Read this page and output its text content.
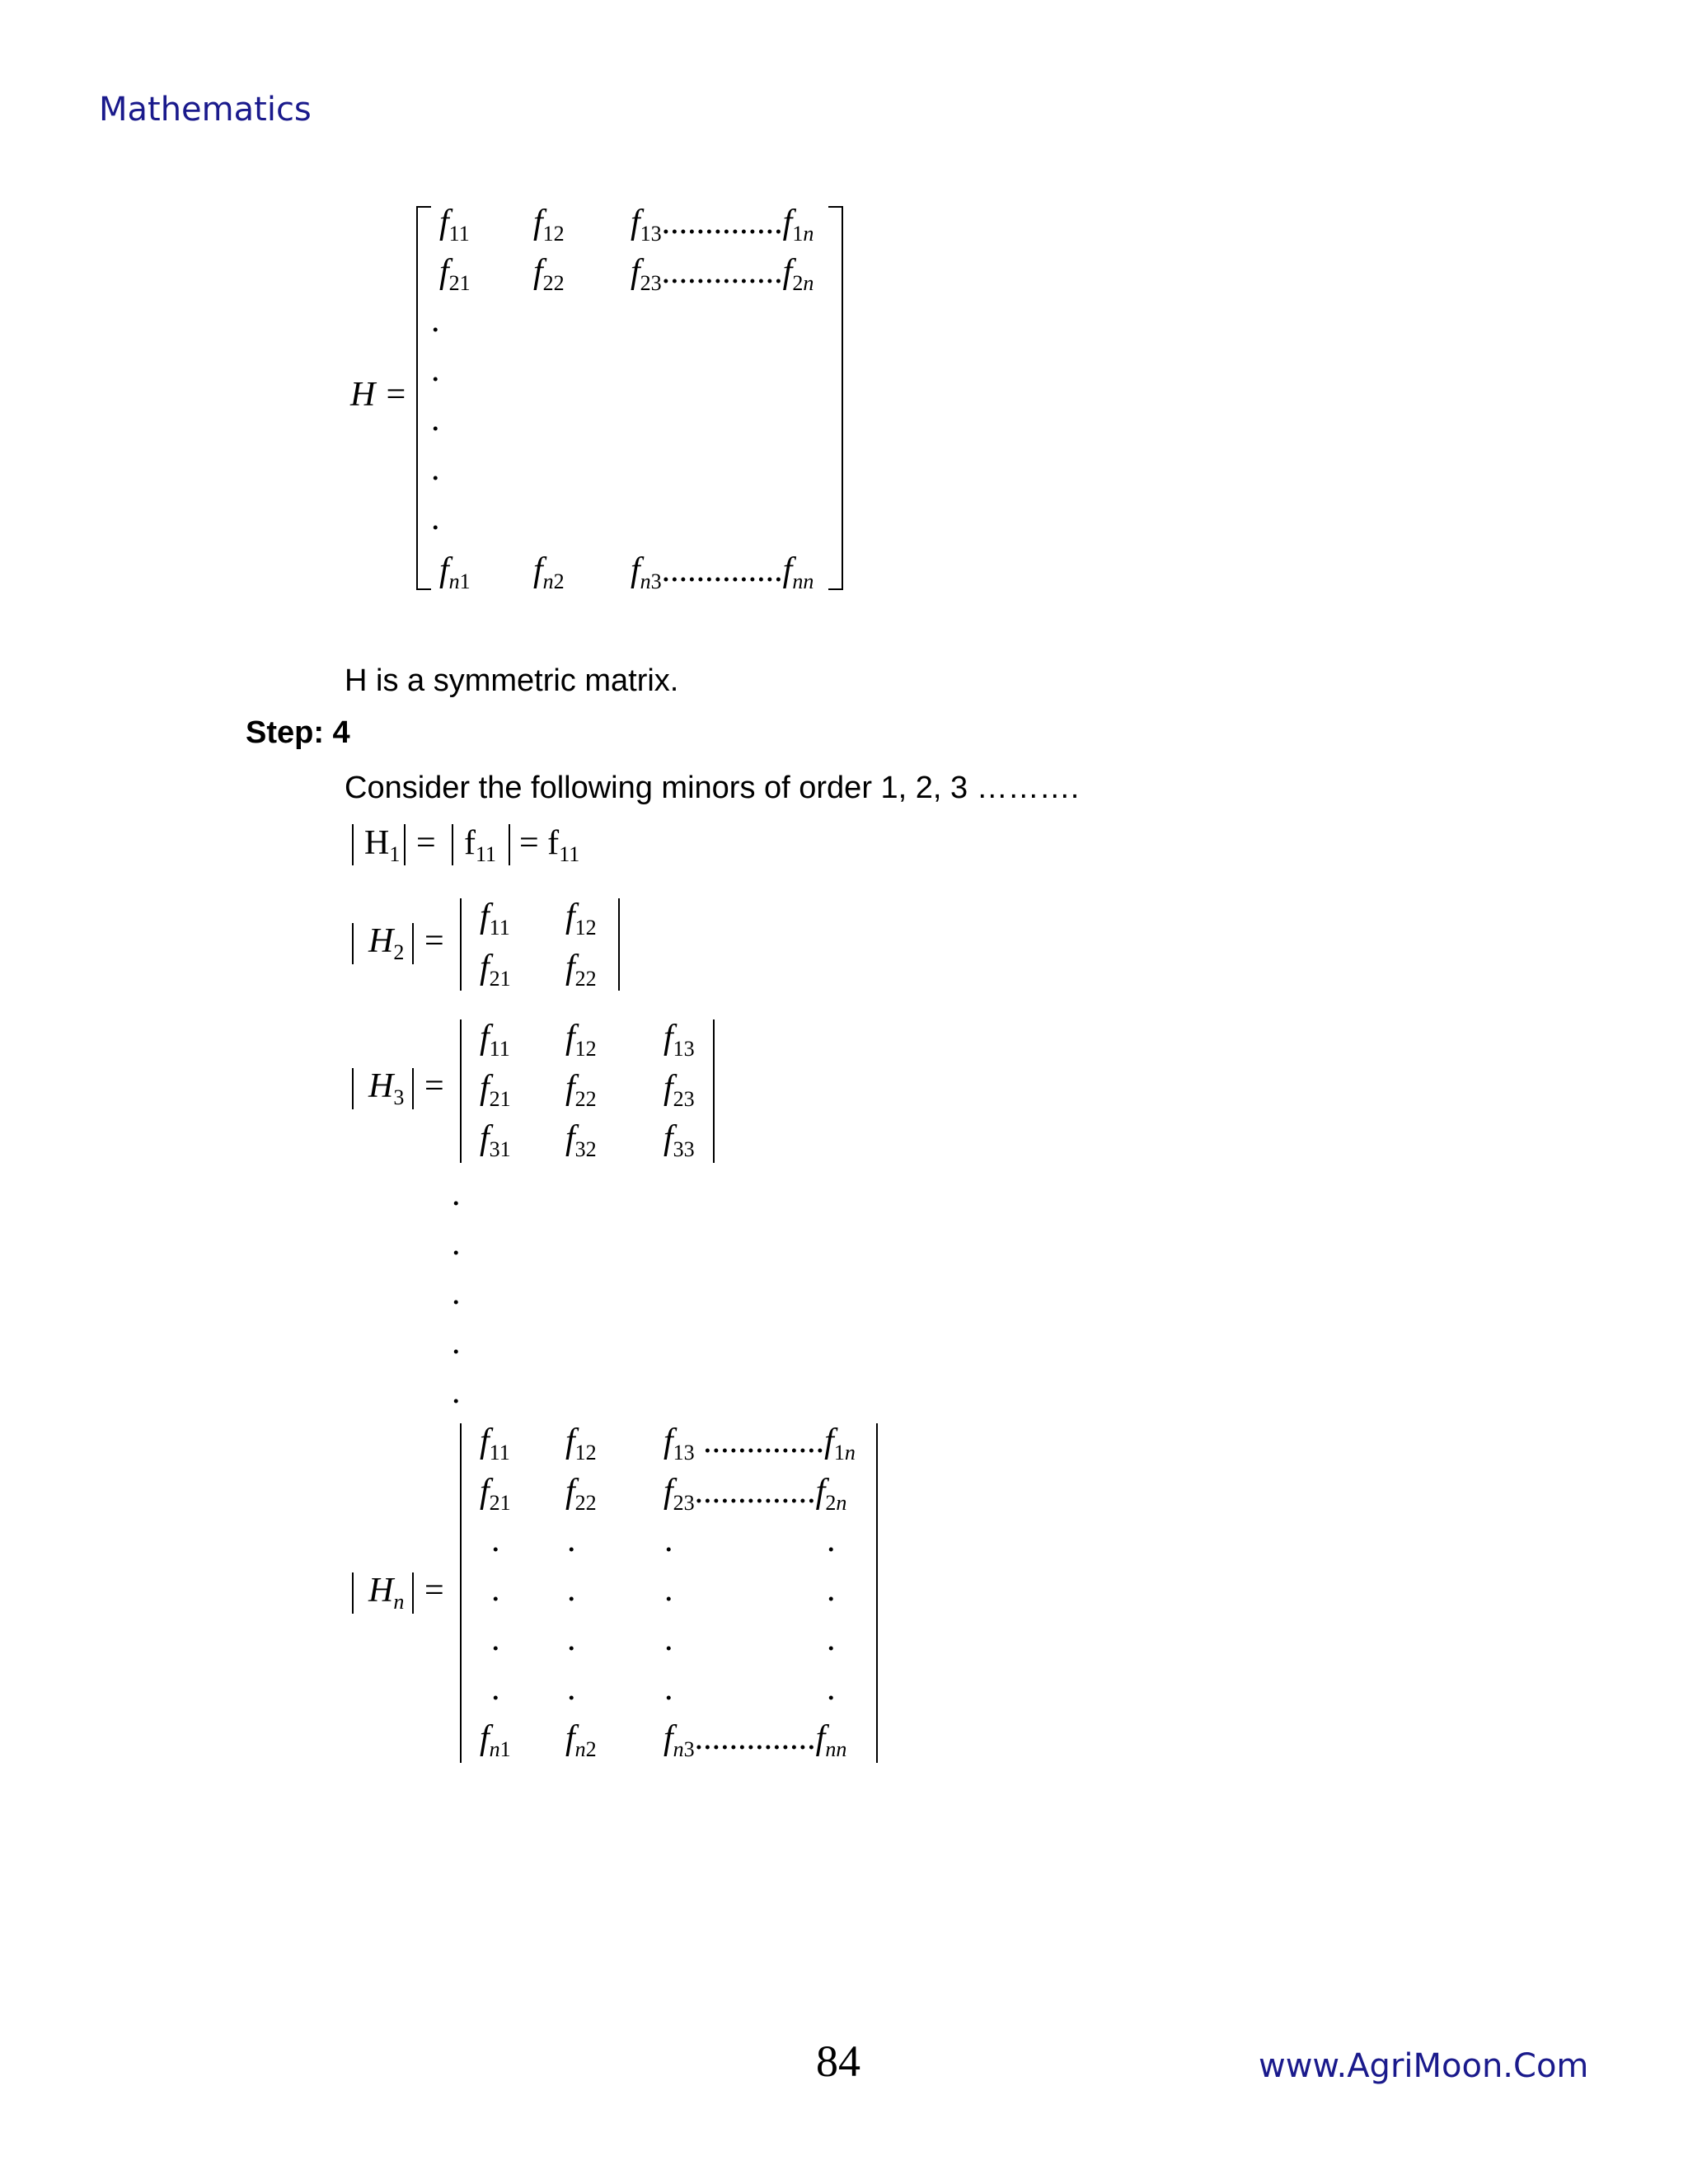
Mathematics
H =
$f_{11}$ $f_{12}$ $f_{13}..............f_{1n}$
$f_{21}$ $f_{22}$ $f_{23}..............f_{2n}$
.
.
.
.
.
$f_{n1}$ $f_{n2}$ $f_{n3}..............f_{nn}$
H is a symmetric matrix.
Step: 4
Consider the following minors of order 1, 2, 3 ……….
$H_1 = f_{11} = f_{11}$
$H_2$ =
$f_{11}$ $f_{12}$
$f_{21}$ $f_{22}$
$H_3$ =
$f_{11}$ $f_{12}$ $f_{13}$
$f_{21}$ $f_{22}$ $f_{23}$
$f_{31}$ $f_{32}$ $f_{33}$
.
.
.
.
.
$H_n$ =
$f_{11}$ $f_{12}$ $f_{13}$ $..............f_{1n}$
$f_{21}$ $f_{22}$ $f_{23}..............f_{2n}$
. .	.	.
. .	.	.
. .	.	.
. .	.	.
$f_{n1}$ $f_{n2}$ $f_{n3}..............f_{nn}$
84	www.AgriMoon.Com
